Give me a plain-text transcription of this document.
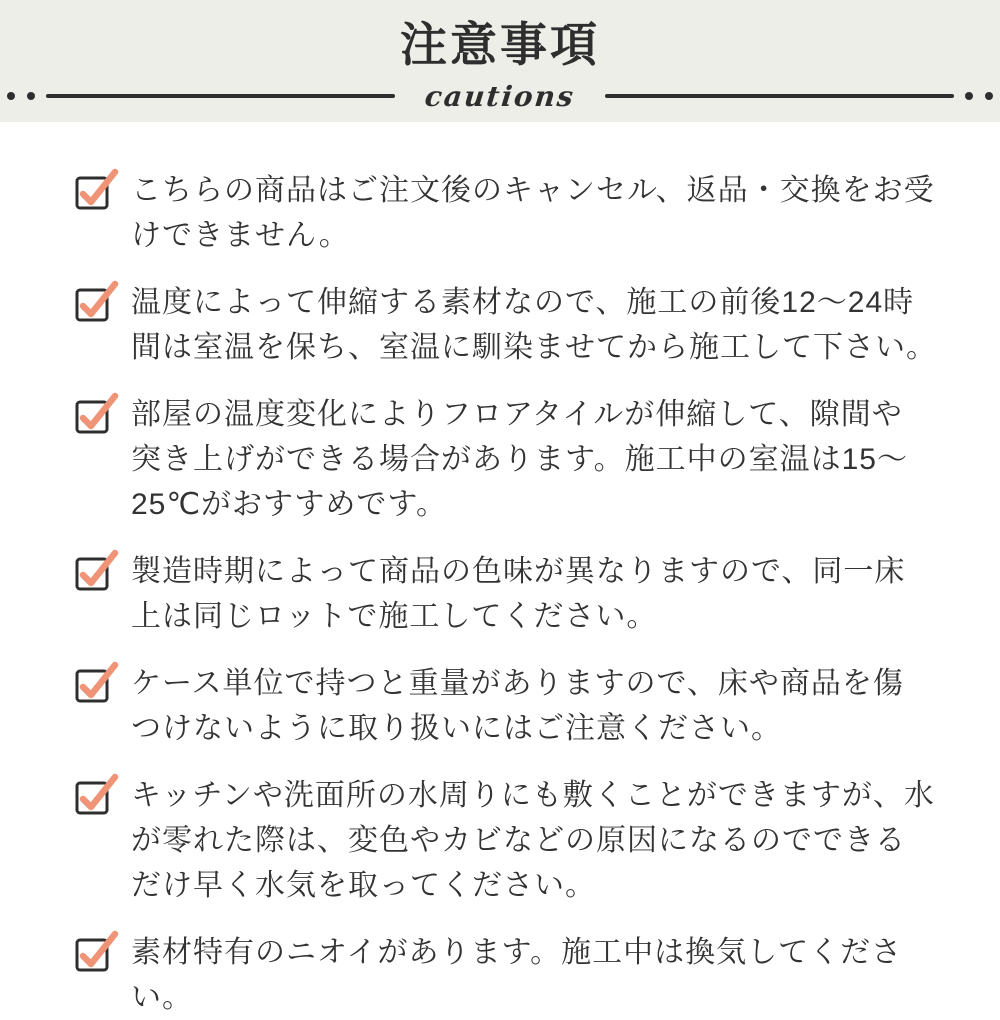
注意事項
cautions
こちらの商品はご注文後のキャンセル、返品・交換をお受
けできません。
温度によって伸縮する素材なので、施工の前後12〜24時
間は室温を保ち、室温に馴染ませてから施工して下さい。
部屋の温度変化によりフロアタイルが伸縮して、隙間や
突き上げができる場合があります。施工中の室温は15〜
25℃がおすすめです。
製造時期によって商品の色味が異なりますので、同一床
上は同じロットで施工してください。
ケース単位で持つと重量がありますので、床や商品を傷
つけないように取り扱いにはご注意ください。
キッチンや洗面所の水周りにも敷くことができますが、水
が零れた際は、変色やカビなどの原因になるのでできる
だけ早く水気を取ってください。
素材特有のニオイがあります。施工中は換気してください。
